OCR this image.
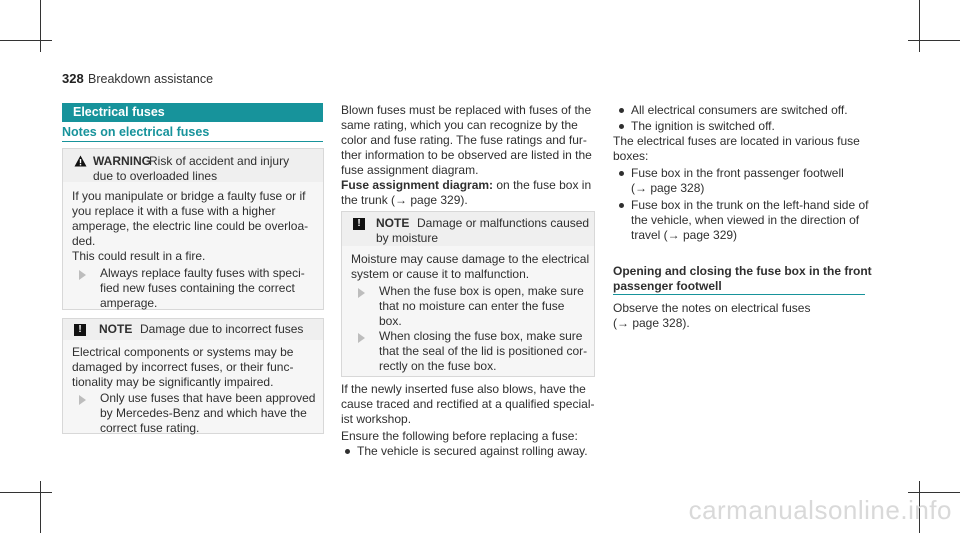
328 Breakdown assistance
Electrical fuses
Notes on electrical fuses
WARNING
Risk of accident and injury
due to overloaded lines
If you manipulate or bridge a faulty fuse or if
you replace it with a fuse with a higher
amperage, the electric line could be overloa-
ded.
This could result in a fire.
Always replace faulty fuses with speci-
fied new fuses containing the correct
amperage.
!	NOTE Damage due to incorrect fuses
Electrical components or systems may be
damaged by incorrect fuses, or their func-
tionality may be significantly impaired.
Only use fuses that have been approved
by Mercedes-Benz and which have the
correct fuse rating.
Blown fuses must be replaced with fuses of the
same rating, which you can recognize by the
color and fuse rating. The fuse ratings and fur-
ther information to be observed are listed in the
fuse assignment diagram.
Fuse assignment diagram: on the fuse box in
the trunk (→ page 329).
!	NOTE Damage or malfunctions caused
by moisture
Moisture may cause damage to the electrical
system or cause it to malfunction.
When the fuse box is open, make sure
that no moisture can enter the fuse
box.
When closing the fuse box, make sure
that the seal of the lid is positioned cor-
rectly on the fuse box.
If the newly inserted fuse also blows, have the
cause traced and rectified at a qualified special-
ist workshop.
Ensure the following before replacing a fuse:
The vehicle is secured against rolling away.
All electrical consumers are switched off.
The ignition is switched off.
The electrical fuses are located in various fuse
boxes:
Fuse box in the front passenger footwell
(→ page 328)
Fuse box in the trunk on the left-hand side of
the vehicle, when viewed in the direction of
travel (→ page 329)
Opening and closing the fuse box in the front
passenger footwell
Observe the notes on electrical fuses
(→ page 328).
carmanualsonline.info
